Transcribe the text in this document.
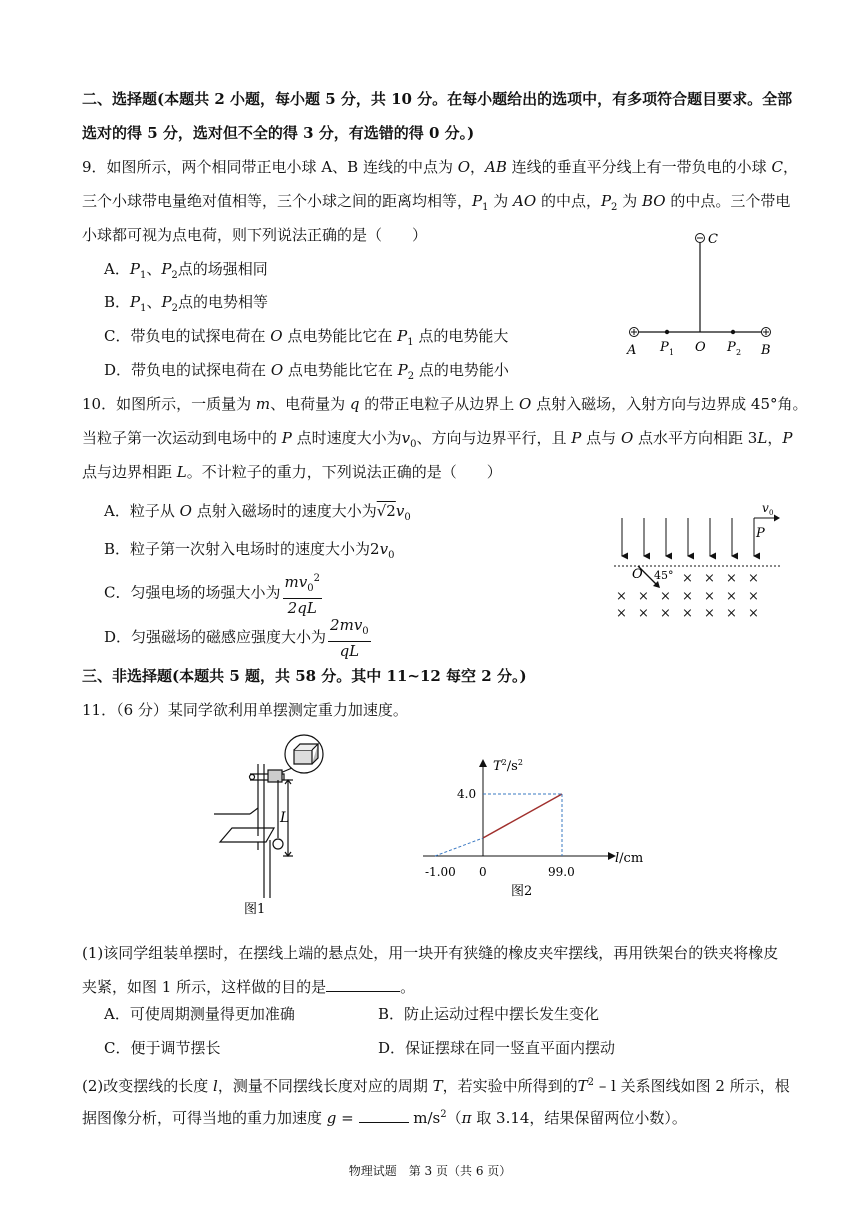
二、选择题(本题共 2 小题，每小题 5 分，共 10 分。在每小题给出的选项中，有多项符合题目要求。全部
选对的得 5 分，选对但不全的得 3 分，有选错的得 0 分。)
9．如图所示，两个相同带正电小球 A、B 连线的中点为 O，AB 连线的垂直平分线上有一带负电的小球 C，
三个小球带电量绝对值相等，三个小球之间的距离均相等，$P_1$ 为 AO 的中点，$P_2$ 为 BO 的中点。三个带电
小球都可视为点电荷，则下列说法正确的是（　　）
A．$P_1$、$P_2$点的场强相同
B．$P_1$、$P_2$点的电势相等
C．带负电的试探电荷在 O 点电势能比它在 $P_1$ 点的电势能大
D．带负电的试探电荷在 O 点电势能比它在 $P_2$ 点的电势能小
C
A P 1 O P 2 B
10．如图所示，一质量为 m、电荷量为 q 的带正电粒子从边界上 O 点射入磁场，入射方向与边界成 45°角。
当粒子第一次运动到电场中的 P 点时速度大小为$v_0$、方向与边界平行，且 P 点与 O 点水平方向相距 3L，P
点与边界相距 L。不计粒子的重力，下列说法正确的是（　　）
A．粒子从 O 点射入磁场时的速度大小为$√2v_0$
B．粒子第一次射入电场时的速度大小为$2v_0$
C．匀强电场的场强大小为 $\frac{mv_0^2}{2qL}$
D．匀强磁场的磁感应强度大小为 $\frac{2mv_0}{qL}$
v 0
P
O 45° × × × ×
× × × × × × ×
× × × × × × ×
三、非选择题(本题共 5 题，共 58 分。其中 11~12 每空 2 分。)
11．（6 分）某同学欲利用单摆测定重力加速度。
L
图1
$T^2/s^2$
l/cm
4.0
-1.00 0	99.0
图2
(1)该同学组装单摆时，在摆线上端的悬点处，用一块开有狭缝的橡皮夹牢摆线，再用铁架台的铁夹将橡皮
夹紧，如图 1 所示，这样做的目的是	。
A．可使周期测量得更加准确	B．防止运动过程中摆长发生变化
C．便于调节摆长	D．保证摆球在同一竖直平面内摆动
(2)改变摆线的长度 l，测量不同摆线长度对应的周期 T，若实验中所得到的$T^2$ – l 关系图线如图 2 所示，根
据图像分析，可得当地的重力加速度 g =	$m/s^2(\pi$ 取 3.14，结果保留两位小数）。
物理试题　第 3 页（共 6 页）
